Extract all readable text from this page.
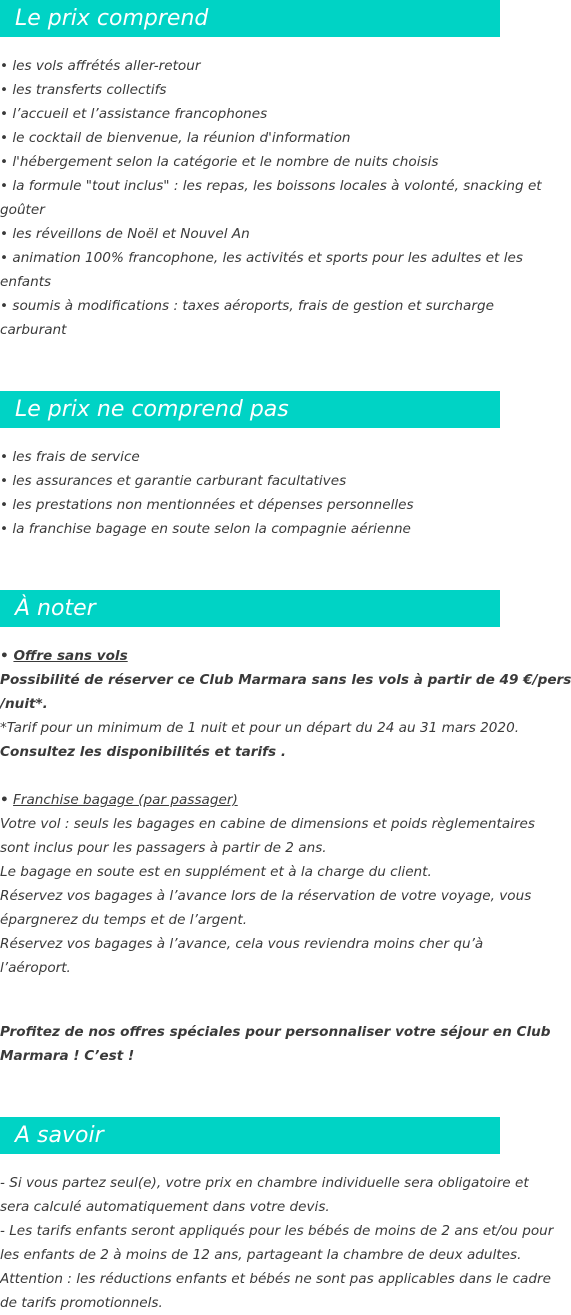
Le prix comprend
• les vols affrétés aller-retour
• les transferts collectifs
• l’accueil et l’assistance francophones
• le cocktail de bienvenue, la réunion d'information
• l'hébergement selon la catégorie et le nombre de nuits choisis
• la formule "tout inclus" : les repas, les boissons locales à volonté, snacking et
goûter
• les réveillons de Noël et Nouvel An
• animation 100% francophone, les activités et sports pour les adultes et les
enfants
• soumis à modifications : taxes aéroports, frais de gestion et surcharge
carburant
Le prix ne comprend pas
• les frais de service
• les assurances et garantie carburant facultatives
• les prestations non mentionnées et dépenses personnelles
• la franchise bagage en soute selon la compagnie aérienne
À noter
• Offre sans vols
Possibilité de réserver ce Club Marmara sans les vols à partir de 49 €/pers
/nuit*.
*Tarif pour un minimum de 1 nuit et pour un départ du 24 au 31 mars 2020.
Consultez les disponibilités et tarifs .
• Franchise bagage (par passager)
Votre vol : seuls les bagages en cabine de dimensions et poids règlementaires
sont inclus pour les passagers à partir de 2 ans.
Le bagage en soute est en supplément et à la charge du client.
Réservez vos bagages à l’avance lors de la réservation de votre voyage, vous
épargnerez du temps et de l’argent.
Réservez vos bagages à l’avance, cela vous reviendra moins cher qu’à
l’aéroport.
Profitez de nos offres spéciales pour personnaliser votre séjour en Club
Marmara ! C’est !
A savoir
- Si vous partez seul(e), votre prix en chambre individuelle sera obligatoire et
sera calculé automatiquement dans votre devis.
- Les tarifs enfants seront appliqués pour les bébés de moins de 2 ans et/ou pour
les enfants de 2 à moins de 12 ans, partageant la chambre de deux adultes.
Attention : les réductions enfants et bébés ne sont pas applicables dans le cadre
de tarifs promotionnels.
